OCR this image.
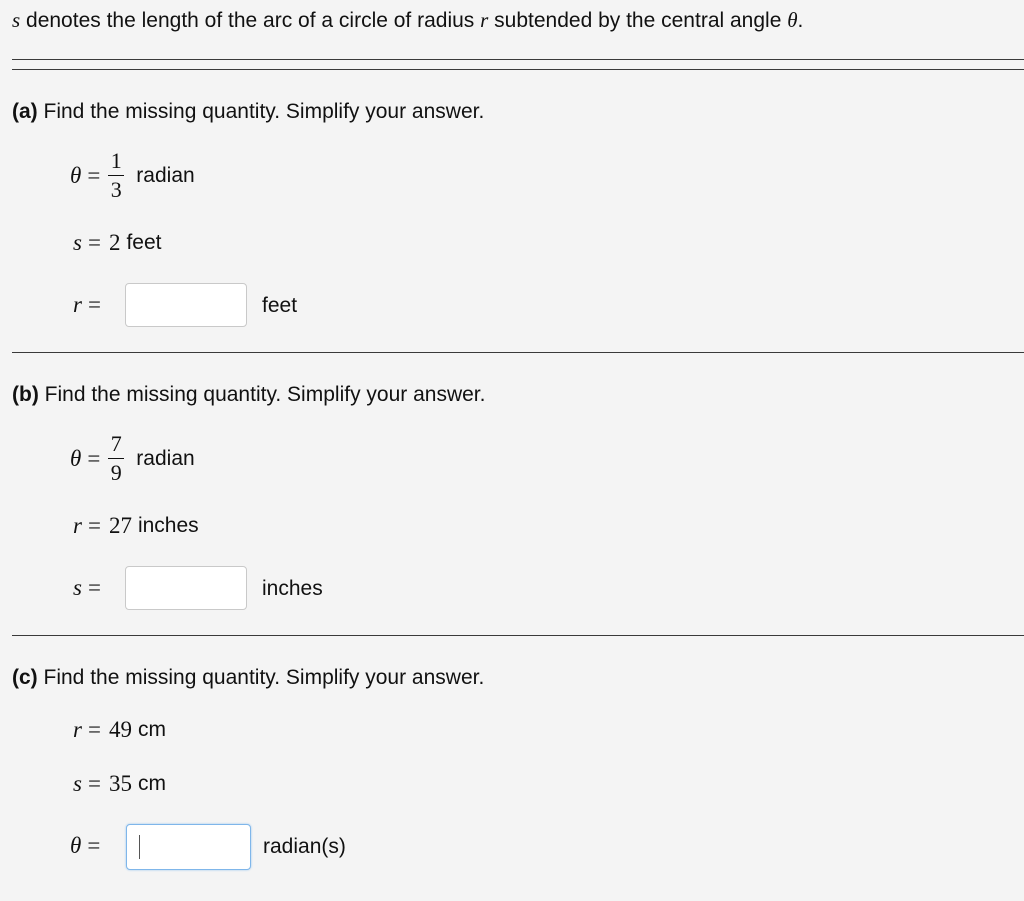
s denotes the length of the arc of a circle of radius r subtended by the central angle θ.
(a) Find the missing quantity. Simplify your answer.
$\theta = \frac{1}{3}$ radian
s = 2 feet
r =	feet
(b) Find the missing quantity. Simplify your answer.
$\theta = \frac{7}{9}$ radian
r = 27 inches
s =	inches
(c) Find the missing quantity. Simplify your answer.
r = 49 cm
s = 35 cm
θ =	radian(s)
